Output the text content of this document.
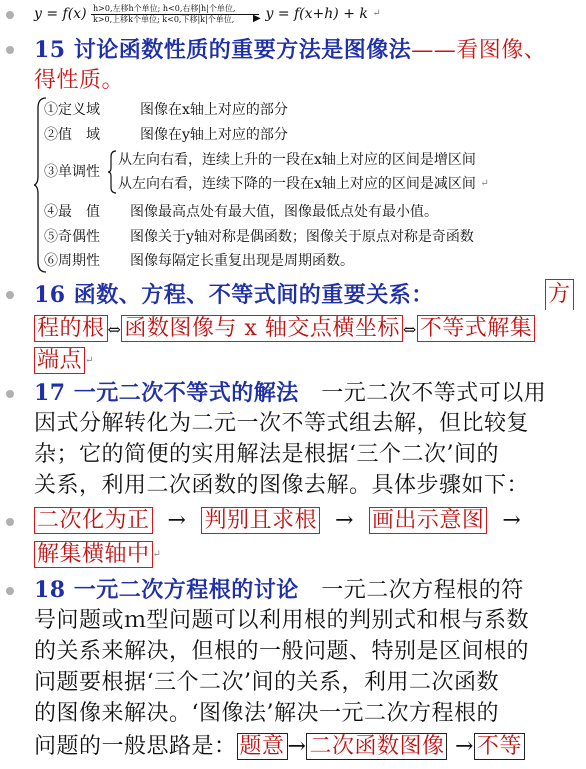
y = f(x) h>0,左移h个单位; h<0,右移|h|个单位,
▶
k>0,上移k个单位; k<0,下移|k|个单位, y = f(x+h) + k ↵
15 讨论函数性质的重要方法是图像法——看图像、
得性质。
①定义域	图像在x轴上对应的部分
②值　域	图像在y轴上对应的部分
③单调性
从左向右看，连续上升的一段在x轴上对应的区间是增区间
从左向右看，连续下降的一段在x轴上对应的区间是减区间 ↵
④最　值 图像最高点处有最大值，图像最低点处有最小值。
⑤奇偶性 图像关于y轴对称是偶函数；图像关于原点对称是奇函数
⑥周期性 图像每隔定长重复出现是周期函数。
16 函数、方程、不等式间的重要关系：	方
程的根 ⇔ 函数图像与 x 轴交点横坐标 ⇔ 不等式解集
端点 ↵
17 一元二次不等式的解法 一元二次不等式可以用
因式分解转化为二元一次不等式组去解，但比较复
杂；它的简便的实用解法是根据‘三个二次’间的
关系，利用二次函数的图像去解。具体步骤如下：
二次化为正 → 判别且求根 → 画出示意图 →
解集横轴中 ↵
18 一元二次方程根的讨论 一元二次方程根的符
号问题或ｍ型问题可以利用根的判别式和根与系数
的关系来解决，但根的一般问题、特别是区间根的
问题要根据‘三个二次’间的关系，利用二次函数
的图像来解决。‘图像法’解决一元二次方程根的
问题的一般思路是： 题意 → 二次函数图像 → 不等
